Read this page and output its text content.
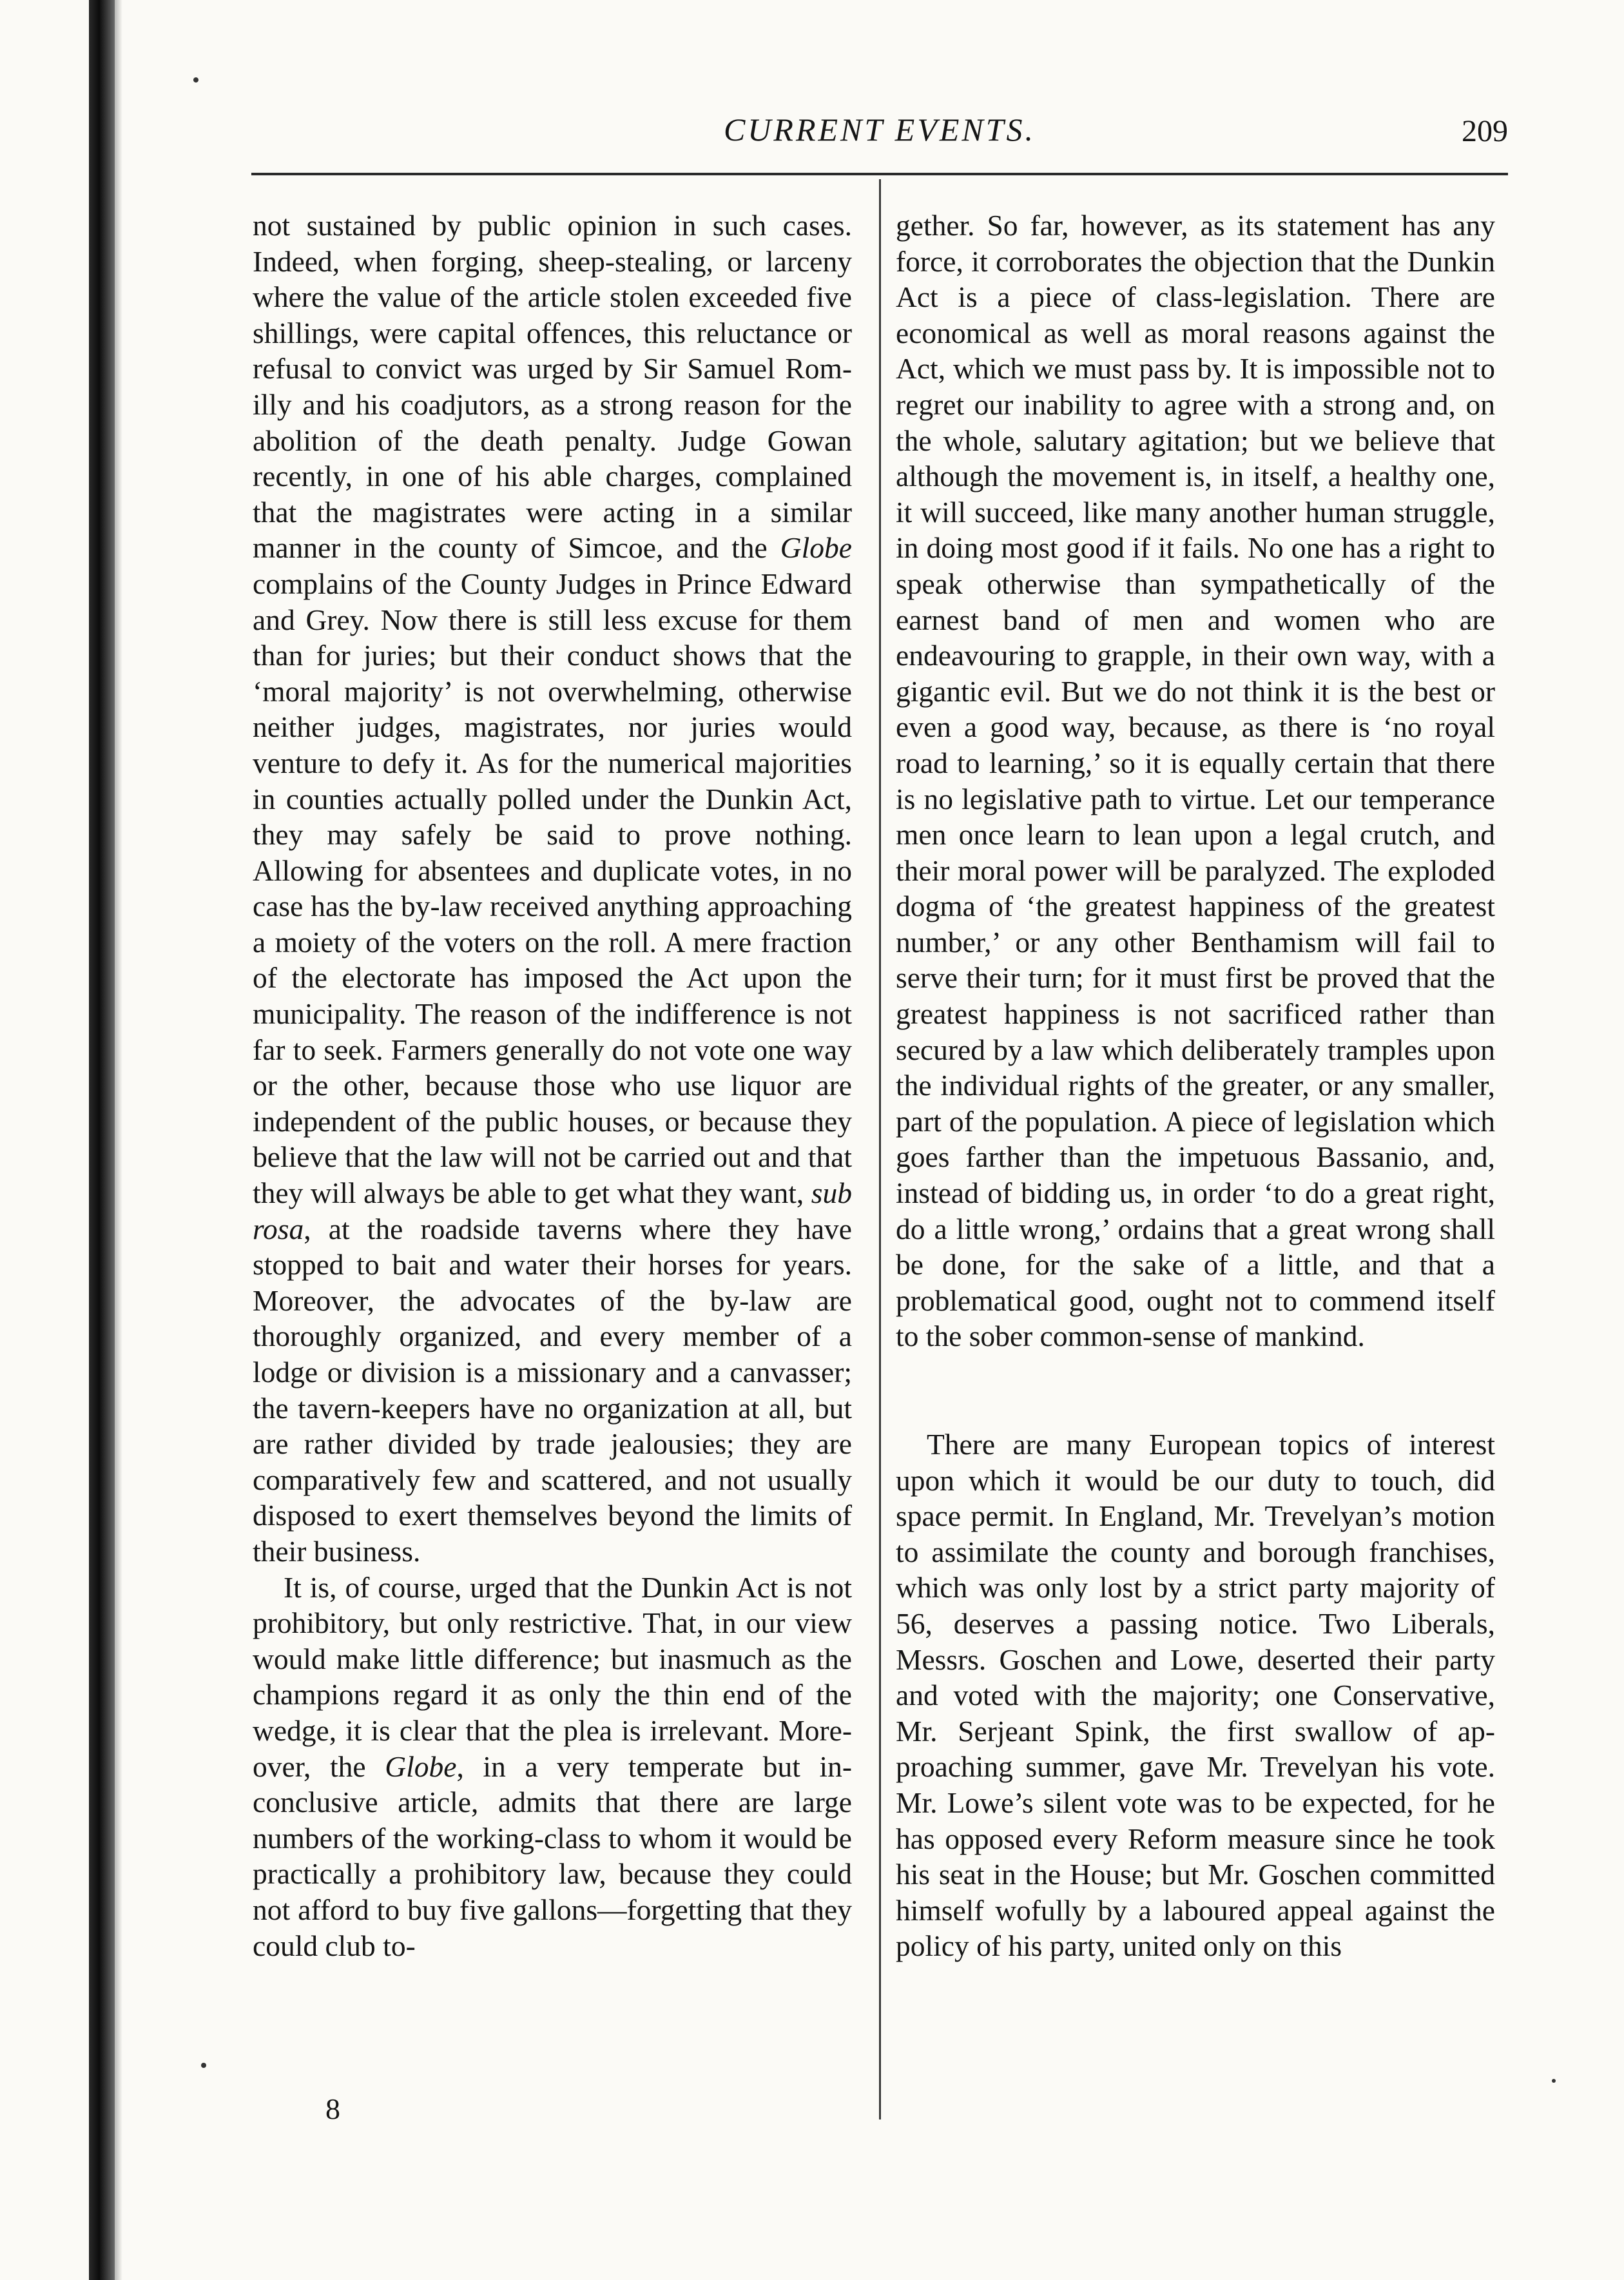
CURRENT EVENTS.	209

not sustained by public opinion in such cases. Indeed, when forging, sheep-stealing, or larceny where the value of the article stolen exceeded five shillings, were capital offences, this reluctance or refusal to convict was urged by Sir Samuel Romilly and his coadjutors, as a strong reason for the abolition of the death penalty. Judge Gowan recently, in one of his able charges, complained that the magistrates were acting in a similar manner in the county of Simcoe, and the Globe complains of the County Judges in Prince Edward and Grey. Now there is still less excuse for them than for juries; but their conduct shows that the ‘moral majority’ is not overwhelming, otherwise neither judges, magistrates, nor juries would venture to defy it. As for the numerical majorities in counties actually polled under the Dunkin Act, they may safely be said to prove nothing. Allowing for absentees and duplicate votes, in no case has the by-law received anything approaching a moiety of the voters on the roll. A mere fraction of the electorate has imposed the Act upon the municipality. The reason of the indifference is not far to seek. Farmers generally do not vote one way or the other, because those who use liquor are independent of the public houses, or because they believe that the law will not be carried out and that they will always be able to get what they want, sub rosa, at the roadside taverns where they have stopped to bait and water their horses for years. Moreover, the advocates of the by-law are thoroughly organized, and every member of a lodge or division is a missionary and a canvasser; the tavern-keepers have no organization at all, but are rather divided by trade jealousies; they are comparatively few and scattered, and not usually disposed to exert themselves beyond the limits of their business.

It is, of course, urged that the Dunkin Act is not prohibitory, but only restrictive. That, in our view would make little difference; but inasmuch as the champions regard it as only the thin end of the wedge, it is clear that the plea is irrelevant. Moreover, the Globe, in a very temperate but inconclusive article, admits that there are large numbers of the working-class to whom it would be practically a prohibitory law, because they could not afford to buy five gallons—forgetting that they could club to-

gether. So far, however, as its statement has any force, it corroborates the objection that the Dunkin Act is a piece of class-legislation. There are economical as well as moral reasons against the Act, which we must pass by. It is impossible not to regret our inability to agree with a strong and, on the whole, salutary agitation; but we believe that although the movement is, in itself, a healthy one, it will succeed, like many another human struggle, in doing most good if it fails. No one has a right to speak otherwise than sympathetically of the earnest band of men and women who are endeavouring to grapple, in their own way, with a gigantic evil. But we do not think it is the best or even a good way, because, as there is ‘no royal road to learning,’ so it is equally certain that there is no legislative path to virtue. Let our temperance men once learn to lean upon a legal crutch, and their moral power will be paralyzed. The exploded dogma of ‘the greatest happiness of the greatest number,’ or any other Benthamism will fail to serve their turn; for it must first be proved that the greatest happiness is not sacrificed rather than secured by a law which deliberately tramples upon the individual rights of the greater, or any smaller, part of the population. A piece of legislation which goes farther than the impetuous Bassanio, and, instead of bidding us, in order ‘to do a great right, do a little wrong,’ ordains that a great wrong shall be done, for the sake of a little, and that a problematical good, ought not to commend itself to the sober common-sense of mankind.

There are many European topics of interest upon which it would be our duty to touch, did space permit. In England, Mr. Trevelyan’s motion to assimilate the county and borough franchises, which was only lost by a strict party majority of 56, deserves a passing notice. Two Liberals, Messrs. Goschen and Lowe, deserted their party and voted with the majority; one Conservative, Mr. Serjeant Spink, the first swallow of approaching summer, gave Mr. Trevelyan his vote. Mr. Lowe’s silent vote was to be expected, for he has opposed every Reform measure since he took his seat in the House; but Mr. Goschen committed himself wofully by a laboured appeal against the policy of his party, united only on this

8
